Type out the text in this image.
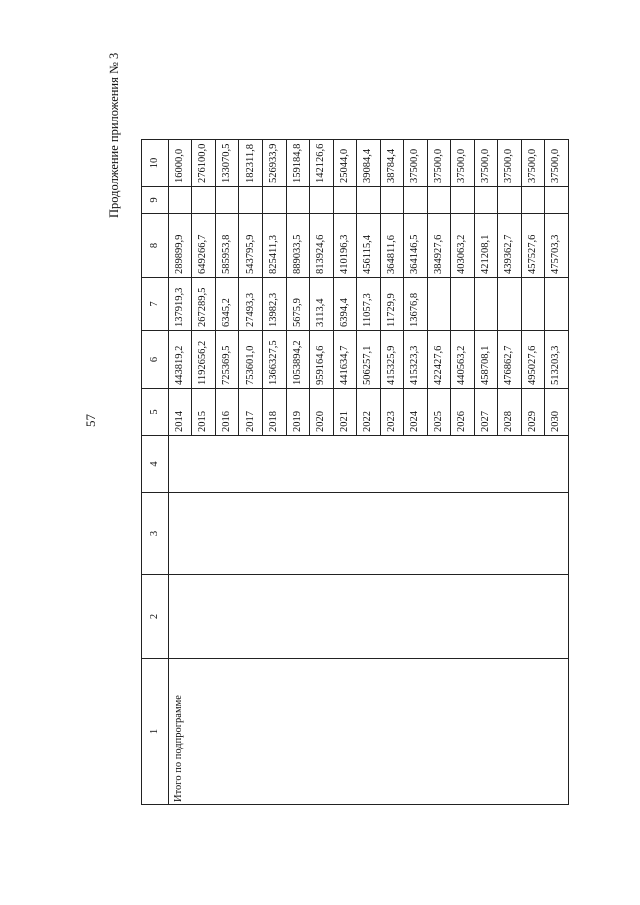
57
Продолжение приложения № 3
1	2	3	4	5	6	7	8	9	10
Итого по подпрограмме				2014	443819,2	137919,3	289899,9		16000,0
				2015	1192656,2	267289,5	649266,7		276100,0
				2016	725369,5	6345,2	585953,8		133070,5
				2017	753601,0	27493,3	543795,9		182311,8
				2018	1366327,5	13982,3	825411,3		526933,9
				2019	1053894,2	5675,9	889033,5		159184,8
				2020	959164,6	3113,4	813924,6		142126,6
				2021	441634,7	6394,4	410196,3		25044,0
				2022	506257,1	11057,3	456115,4		39084,4
				2023	415325,9	11729,9	364811,6		38784,4
				2024	415323,3	13676,8	364146,5		37500,0
				2025	422427,6		384927,6		37500,0
				2026	440563,2		403063,2		37500,0
				2027	458708,1		421208,1		37500,0
				2028	476862,7		439362,7		37500,0
				2029	495027,6		457527,6		37500,0
				2030	513203,3		475703,3		37500,0
